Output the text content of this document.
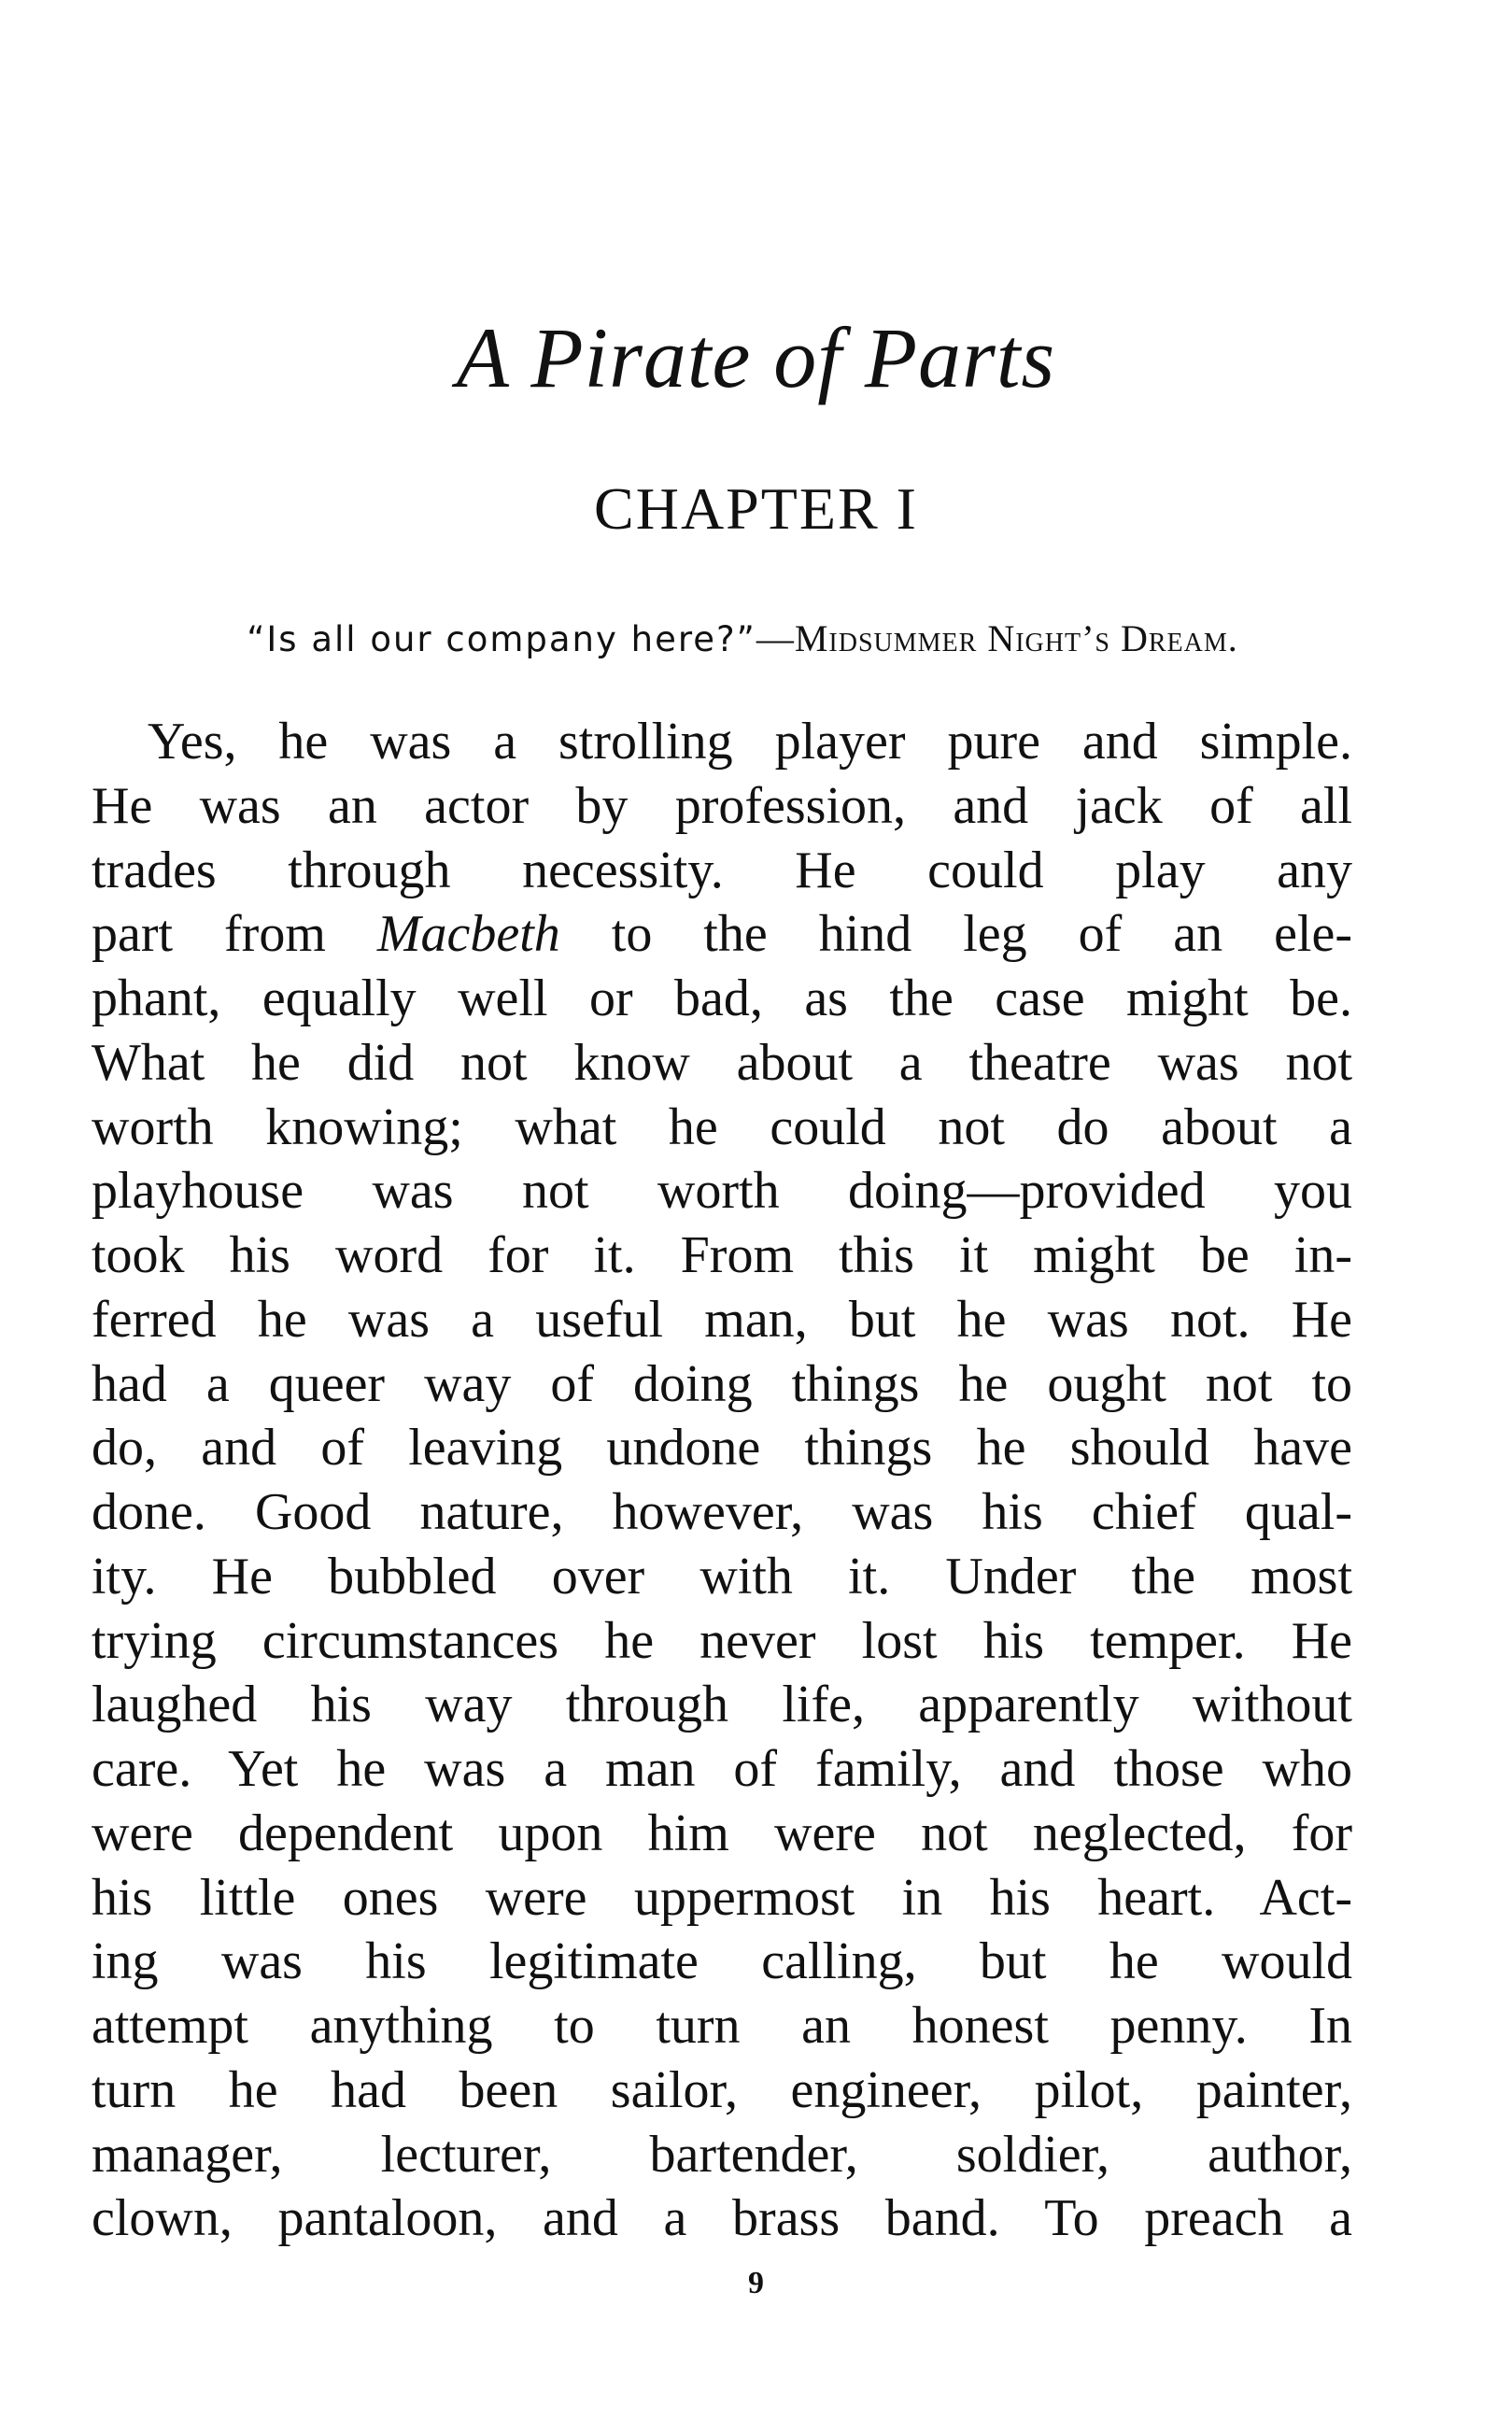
A Pirate of Parts
CHAPTER I

“Is all our company here?”—Midsummer Night’s Dream.

Yes, he was a strolling player pure and simple.
He was an actor by profession, and jack of all
trades through necessity. He could play any
part from Macbeth to the hind leg of an ele-
phant, equally well or bad, as the case might be.
What he did not know about a theatre was not
worth knowing; what he could not do about a
playhouse was not worth doing—provided you
took his word for it. From this it might be in-
ferred he was a useful man, but he was not. He
had a queer way of doing things he ought not to
do, and of leaving undone things he should have
done. Good nature, however, was his chief qual-
ity. He bubbled over with it. Under the most
trying circumstances he never lost his temper. He
laughed his way through life, apparently without
care. Yet he was a man of family, and those who
were dependent upon him were not neglected, for
his little ones were uppermost in his heart. Act-
ing was his legitimate calling, but he would
attempt anything to turn an honest penny. In
turn he had been sailor, engineer, pilot, painter,
manager, lecturer, bartender, soldier, author,
clown, pantaloon, and a brass band. To preach a
9
